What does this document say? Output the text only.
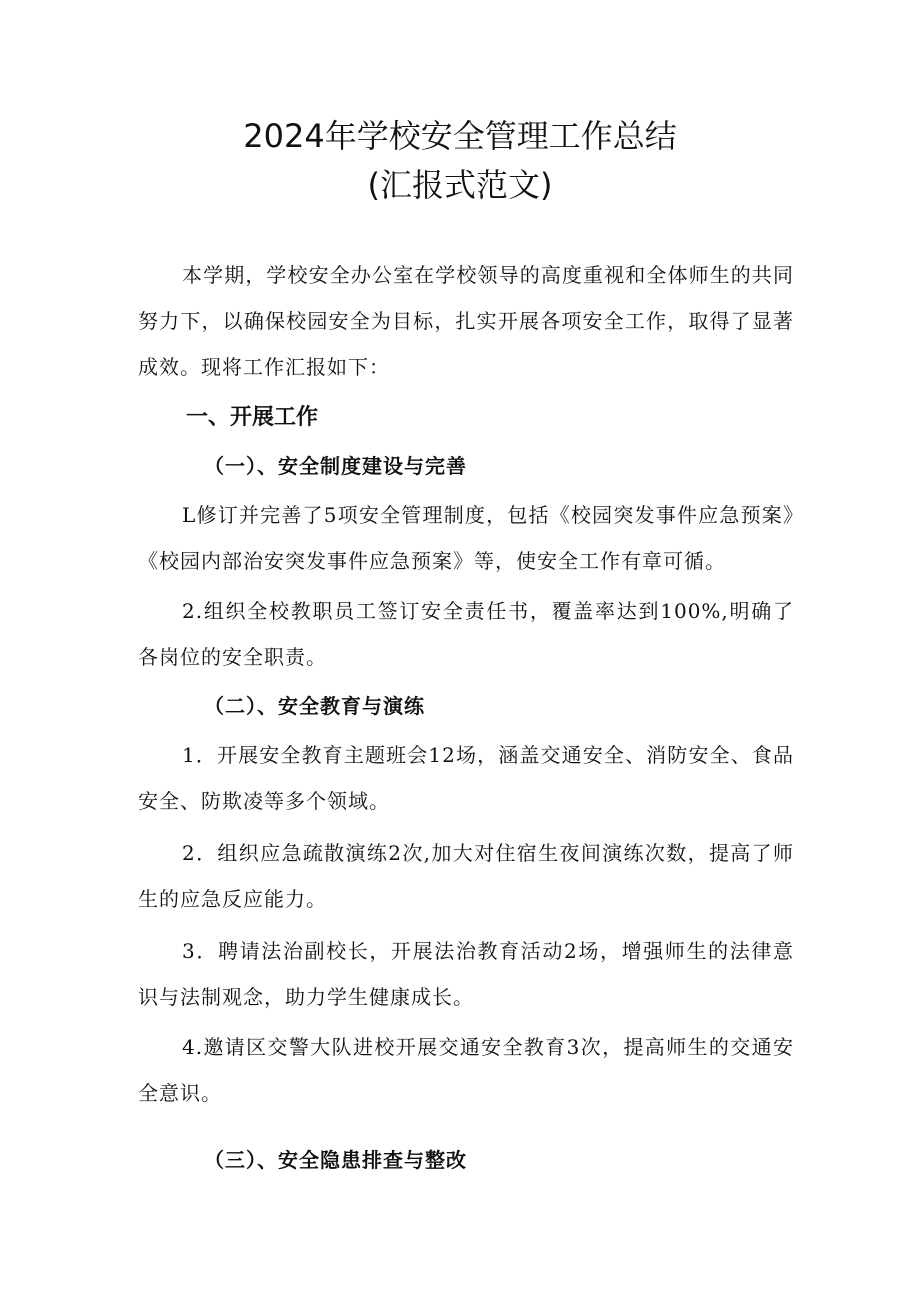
2024年学校安全管理工作总结
(汇报式范文)

本学期，学校安全办公室在学校领导的高度重视和全体师生的共同努力下，以确保校园安全为目标，扎实开展各项安全工作，取得了显著成效。现将工作汇报如下：

一、开展工作
（一）、安全制度建设与完善

L修订并完善了5项安全管理制度，包括《校园突发事件应急预案》《校园内部治安突发事件应急预案》等，使安全工作有章可循。

2.组织全校教职员工签订安全责任书，覆盖率达到100%,明确了各岗位的安全职责。

（二）、安全教育与演练

1．开展安全教育主题班会12场，涵盖交通安全、消防安全、食品安全、防欺凌等多个领域。

2．组织应急疏散演练2次,加大对住宿生夜间演练次数，提高了师生的应急反应能力。

3．聘请法治副校长，开展法治教育活动2场，增强师生的法律意识与法制观念，助力学生健康成长。

4.邀请区交警大队进校开展交通安全教育3次，提高师生的交通安全意识。

（三）、安全隐患排查与整改
